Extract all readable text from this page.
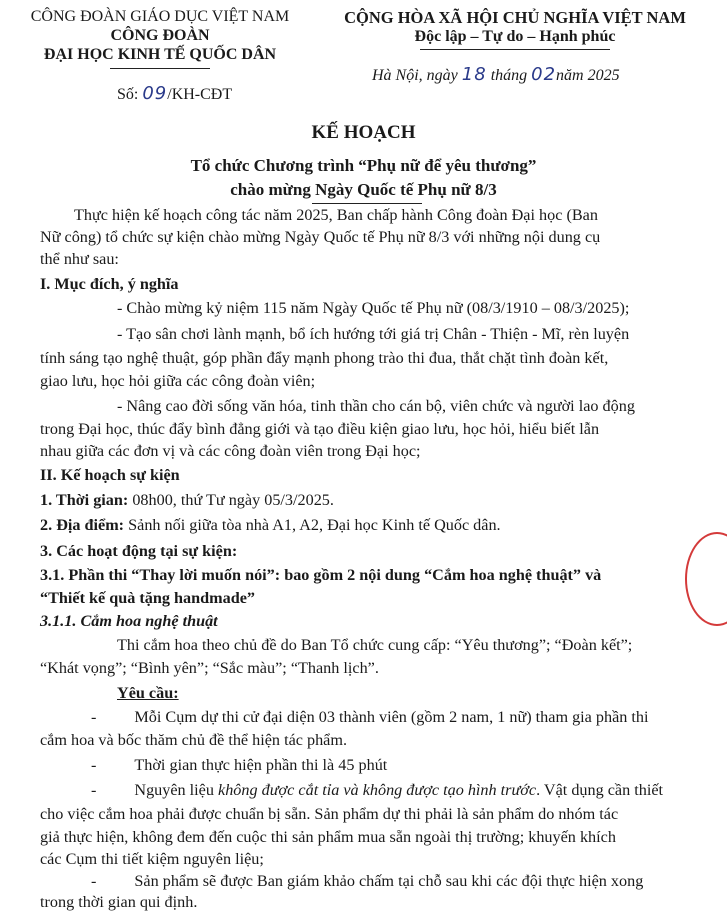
CÔNG ĐOÀN GIÁO DỤC VIỆT NAM
CÔNG ĐOÀN
ĐẠI HỌC KINH TẾ QUỐC DÂN
CỘNG HÒA XÃ HỘI CHỦ NGHĨA VIỆT NAM
Độc lập – Tự do – Hạnh phúc
Số: 09/KH-CĐT
Hà Nội, ngày 18 tháng 02năm 2025
KẾ HOẠCH
Tổ chức Chương trình “Phụ nữ để yêu thương”
chào mừng Ngày Quốc tế Phụ nữ 8/3
Thực hiện kế hoạch công tác năm 2025, Ban chấp hành Công đoàn Đại học (Ban
Nữ công) tổ chức sự kiện chào mừng Ngày Quốc tế Phụ nữ 8/3 với những nội dung cụ
thể như sau:
I. Mục đích, ý nghĩa
- Chào mừng kỷ niệm 115 năm Ngày Quốc tế Phụ nữ (08/3/1910 – 08/3/2025);
- Tạo sân chơi lành mạnh, bổ ích hướng tới giá trị Chân - Thiện - Mĩ, rèn luyện
tính sáng tạo nghệ thuật, góp phần đẩy mạnh phong trào thi đua, thắt chặt tình đoàn kết,
giao lưu, học hỏi giữa các công đoàn viên;
- Nâng cao đời sống văn hóa, tinh thần cho cán bộ, viên chức và người lao động
trong Đại học, thúc đẩy bình đẳng giới và tạo điều kiện giao lưu, học hỏi, hiểu biết lẫn
nhau giữa các đơn vị và các công đoàn viên trong Đại học;
II. Kế hoạch sự kiện
1. Thời gian: 08h00, thứ Tư ngày 05/3/2025.
2. Địa điểm: Sảnh nối giữa tòa nhà A1, A2, Đại học Kinh tế Quốc dân.
3. Các hoạt động tại sự kiện:
3.1. Phần thi “Thay lời muốn nói”: bao gồm 2 nội dung “Cắm hoa nghệ thuật” và
“Thiết kế quà tặng handmade”
3.1.1. Cắm hoa nghệ thuật
Thi cắm hoa theo chủ đề do Ban Tổ chức cung cấp: “Yêu thương”; “Đoàn kết”;
“Khát vọng”; “Bình yên”; “Sắc màu”; “Thanh lịch”.
Yêu cầu:
- Mỗi Cụm dự thi cử đại diện 03 thành viên (gồm 2 nam, 1 nữ) tham gia phần thi
cắm hoa và bốc thăm chủ đề thể hiện tác phẩm.
- Thời gian thực hiện phần thi là 45 phút
- Nguyên liệu không được cắt tỉa và không được tạo hình trước. Vật dụng cần thiết
cho việc cắm hoa phải được chuẩn bị sẵn. Sản phẩm dự thi phải là sản phẩm do nhóm tác
giả thực hiện, không đem đến cuộc thi sản phẩm mua sẵn ngoài thị trường; khuyến khích
các Cụm thi tiết kiệm nguyên liệu;
- Sản phẩm sẽ được Ban giám khảo chấm tại chỗ sau khi các đội thực hiện xong
trong thời gian qui định.
